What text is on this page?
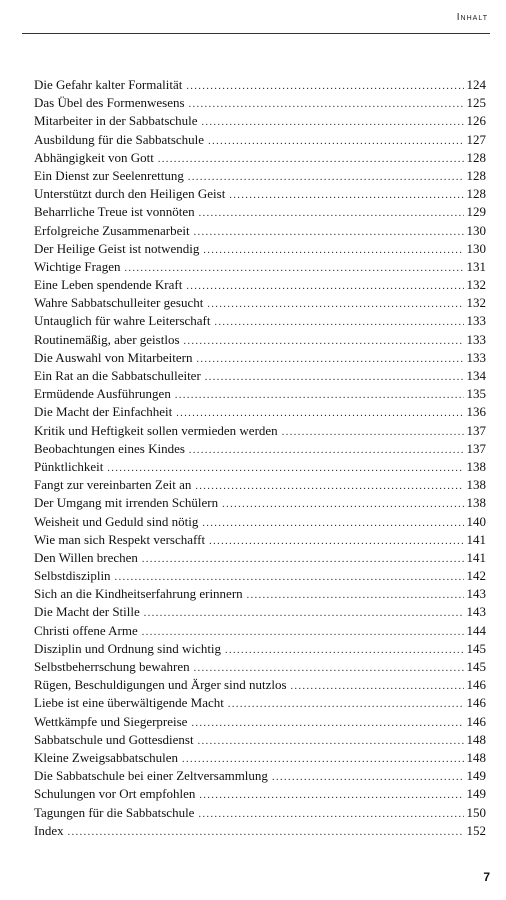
Inhalt
Die Gefahr kalter Formalität .....	124
Das Übel des Formenwesens .....	125
Mitarbeiter in der Sabbatschule .....	126
Ausbildung für die Sabbatschule .....	127
Abhängigkeit von Gott .....	128
Ein Dienst zur Seelenrettung .....	128
Unterstützt durch den Heiligen Geist .....	128
Beharrliche Treue ist vonnöten .....	129
Erfolgreiche Zusammenarbeit .....	130
Der Heilige Geist ist notwendig .....	130
Wichtige Fragen .....	131
Eine Leben spendende Kraft .....	132
Wahre Sabbatschulleiter gesucht .....	132
Untauglich für wahre Leiterschaft .....	133
Routinemäßig, aber geistlos .....	133
Die Auswahl von Mitarbeitern .....	133
Ein Rat an die Sabbatschulleiter .....	134
Ermüdende Ausführungen .....	135
Die Macht der Einfachheit .....	136
Kritik und Heftigkeit sollen vermieden werden .....	137
Beobachtungen eines Kindes .....	137
Pünktlichkeit .....	138
Fangt zur vereinbarten Zeit an .....	138
Der Umgang mit irrenden Schülern .....	138
Weisheit und Geduld sind nötig .....	140
Wie man sich Respekt verschafft .....	141
Den Willen brechen .....	141
Selbstdisziplin .....	142
Sich an die Kindheitserfahrung erinnern .....	143
Die Macht der Stille .....	143
Christi offene Arme .....	144
Disziplin und Ordnung sind wichtig .....	145
Selbstbeherrschung bewahren .....	145
Rügen, Beschuldigungen und Ärger sind nutzlos .....	146
Liebe ist eine überwältigende Macht .....	146
Wettkämpfe und Siegerpreise .....	146
Sabbatschule und Gottesdienst .....	148
Kleine Zweigsabbatschulen .....	148
Die Sabbatschule bei einer Zeltversammlung .....	149
Schulungen vor Ort empfohlen .....	149
Tagungen für die Sabbatschule .....	150
Index .....	152
7
